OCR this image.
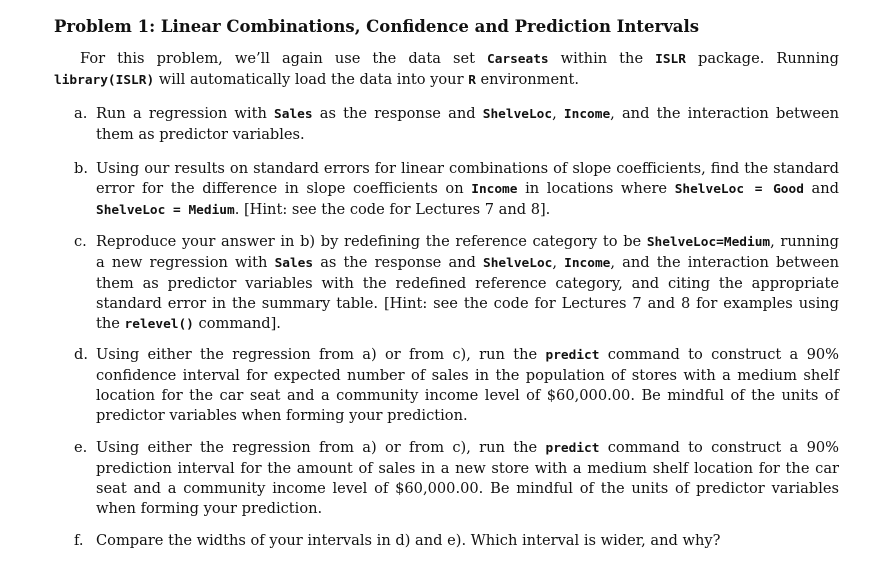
Problem 1: Linear Combinations, Confidence and Prediction Intervals
For this problem, we’ll again use the data set Carseats within the ISLR package. Running library(ISLR) will automatically load the data into your R environment.
a. Run a regression with Sales as the response and ShelveLoc, Income, and the interaction between them as predictor variables.
b. Using our results on standard errors for linear combinations of slope coefficients, find the standard error for the difference in slope coefficients on Income in locations where ShelveLoc = Good and ShelveLoc = Medium. [Hint: see the code for Lectures 7 and 8].
c. Reproduce your answer in b) by redefining the reference category to be ShelveLoc=Medium, running a new regression with Sales as the response and ShelveLoc, Income, and the interaction between them as predictor variables with the redefined reference category, and citing the appropriate standard error in the summary table. [Hint: see the code for Lectures 7 and 8 for examples using the relevel() command].
d. Using either the regression from a) or from c), run the predict command to construct a 90% confidence interval for expected number of sales in the population of stores with a medium shelf location for the car seat and a community income level of $60,000.00. Be mindful of the units of predictor variables when forming your prediction.
e. Using either the regression from a) or from c), run the predict command to construct a 90% prediction interval for the amount of sales in a new store with a medium shelf location for the car seat and a community income level of $60,000.00. Be mindful of the units of predictor variables when forming your prediction.
f. Compare the widths of your intervals in d) and e). Which interval is wider, and why?
